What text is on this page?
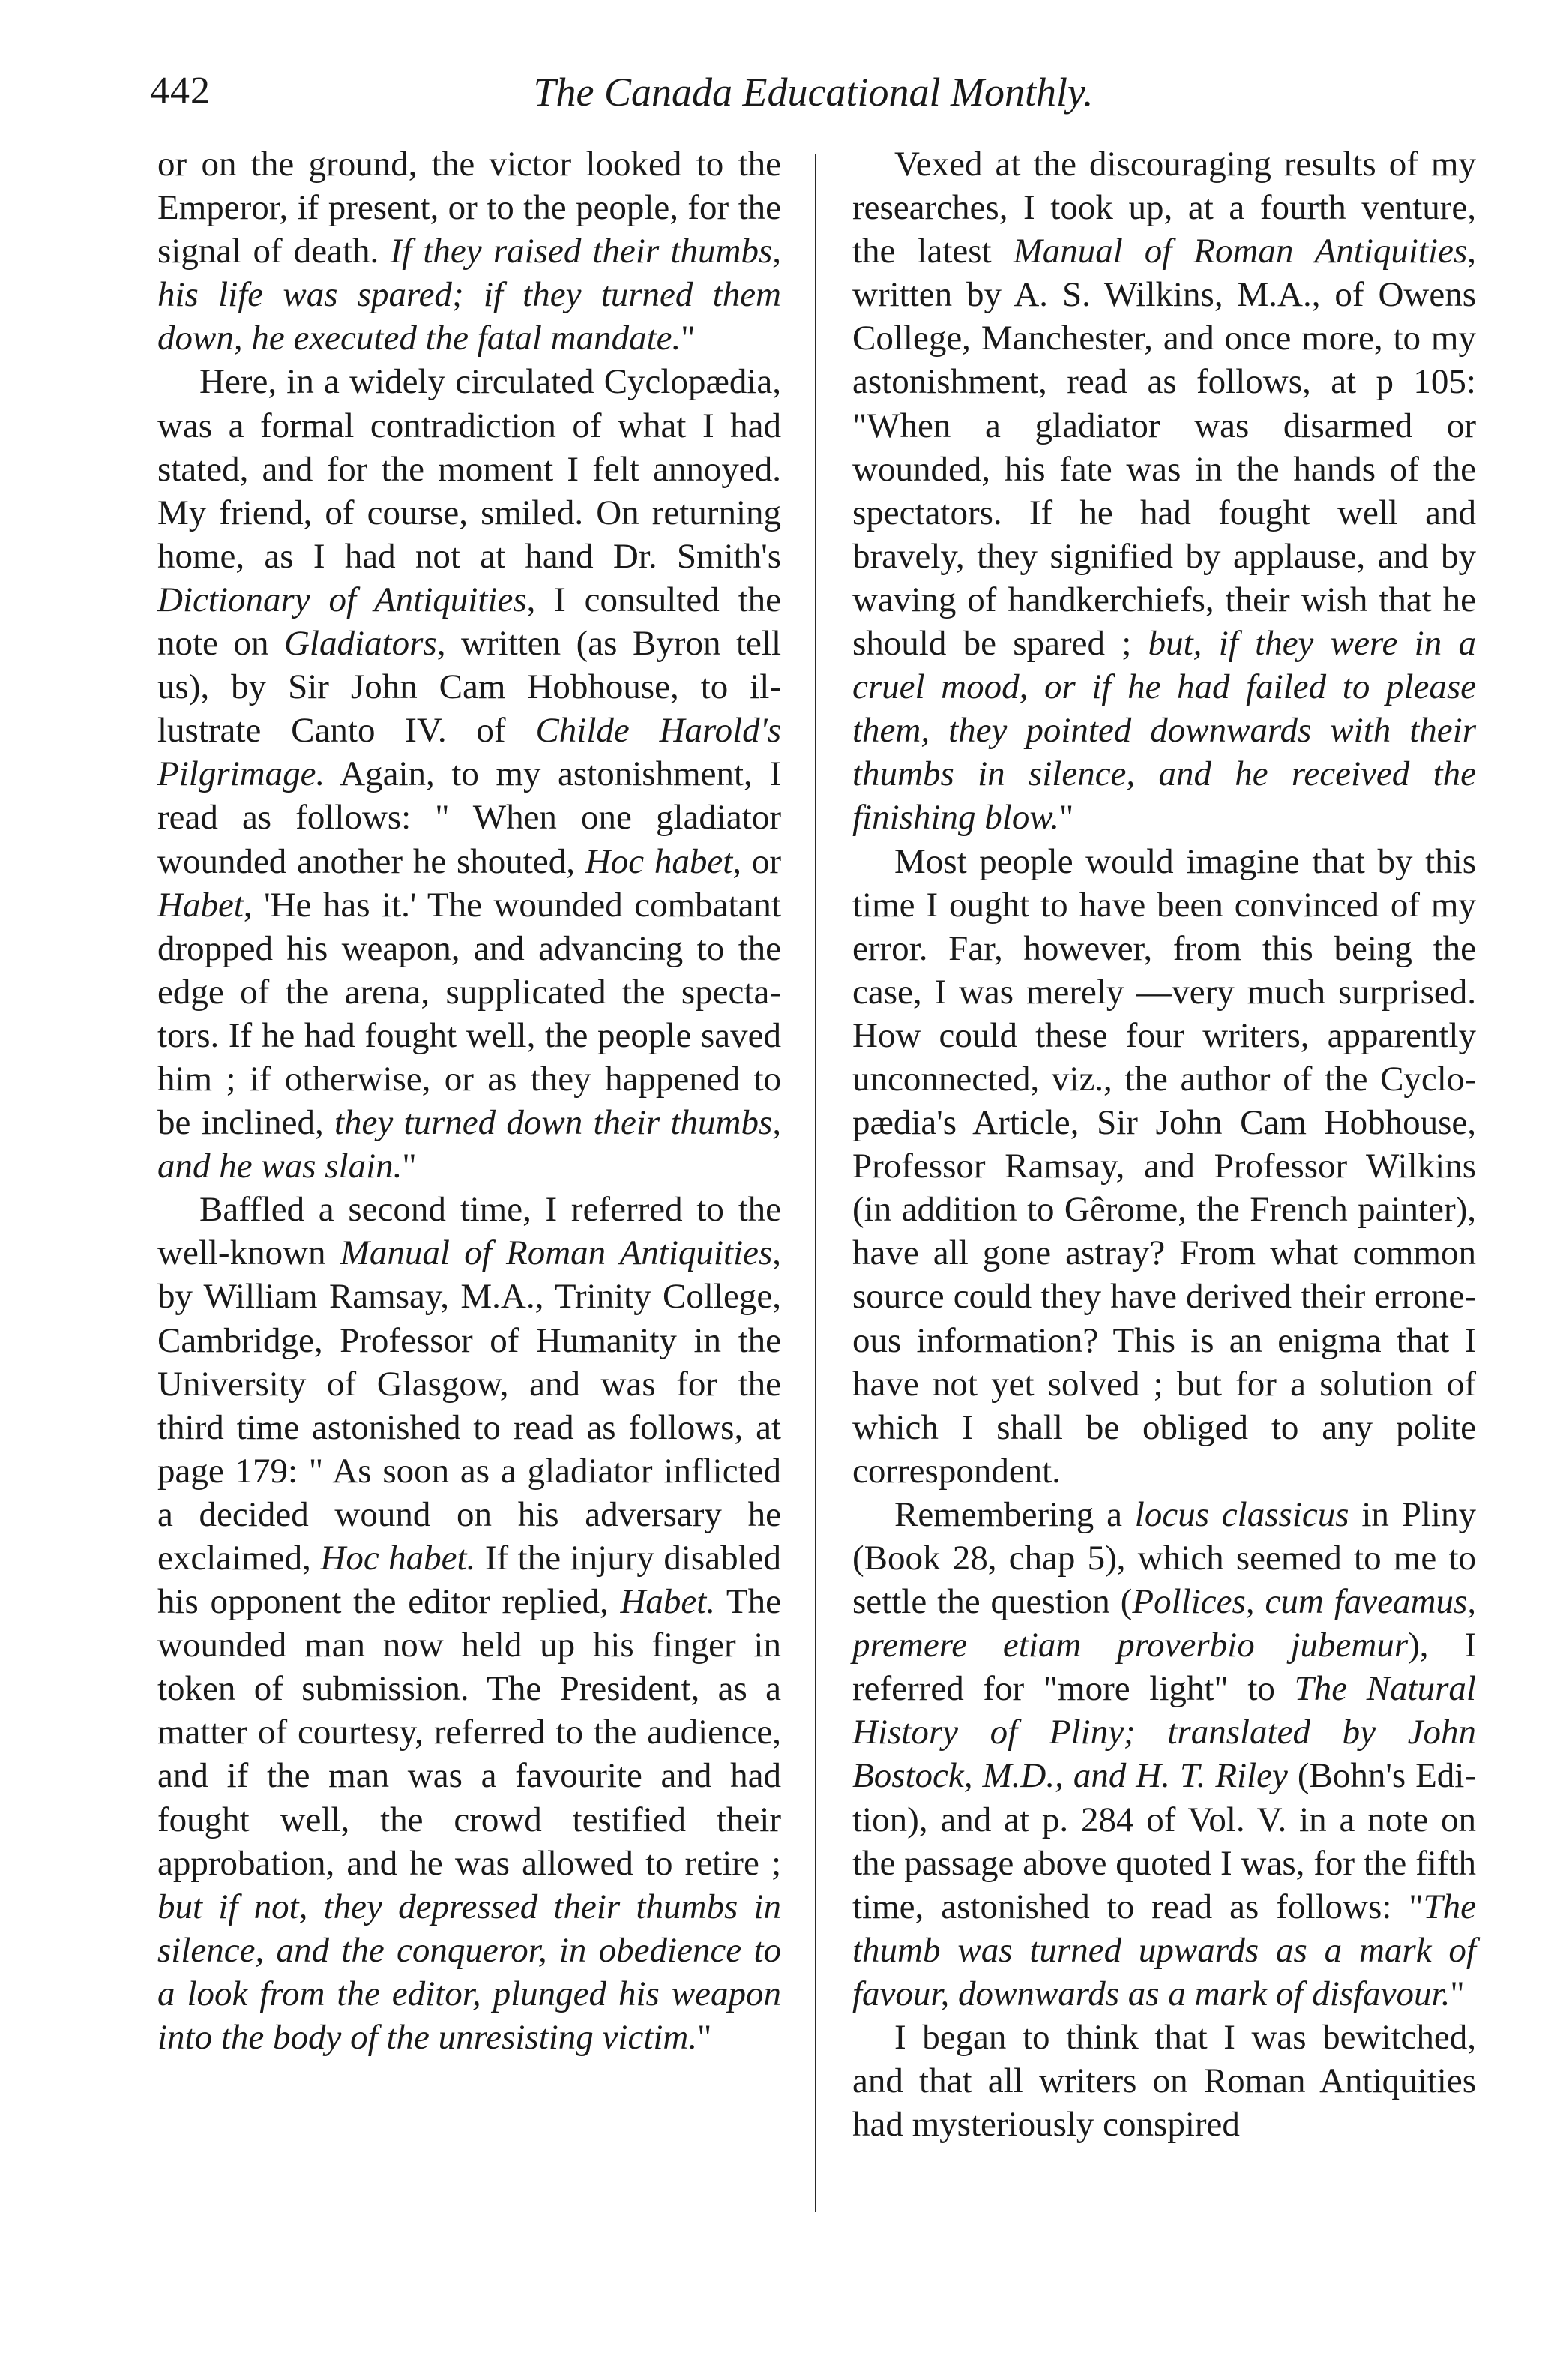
442	The Canada Educational Monthly.

or on the ground, the victor looked to the Emperor, if present, or to the people, for the signal of death. If they raised their thumbs, his life was spared; if they turned them down, he executed the fatal mandate."

Here, in a widely circulated Cyclopædia, was a formal contradiction of what I had stated, and for the moment I felt annoyed. My friend, of course, smiled. On returning home, as I had not at hand Dr. Smith's Dictionary of Antiquities, I consulted the note on Gladiators, written (as Byron tell us), by Sir John Cam Hobhouse, to illustrate Canto IV. of Childe Harold's Pilgrimage. Again, to my astonishment, I read as follows: " When one gladiator wounded another he shouted, Hoc habet, or Habet, 'He has it.' The wounded combatant dropped his weapon, and advancing to the edge of the arena, supplicated the spectators. If he had fought well, the people saved him ; if otherwise, or as they happened to be inclined, they turned down their thumbs, and he was slain."

Baffled a second time, I referred to the well-known Manual of Roman Antiquities, by William Ramsay, M.A., Trinity College, Cambridge, Professor of Humanity in the University of Glasgow, and was for the third time astonished to read as follows, at page 179: " As soon as a gladiator inflicted a decided wound on his adversary he exclaimed, Hoc habet. If the injury disabled his opponent the editor replied, Habet. The wounded man now held up his finger in token of submission. The President, as a matter of courtesy, referred to the audience, and if the man was a favourite and had fought well, the crowd testified their approbation, and he was allowed to retire ; but if not, they depressed their thumbs in silence, and the conqueror, in obedience to a look from the editor, plunged his weapon into the body of the unresisting victim."

Vexed at the discouraging results of my researches, I took up, at a fourth venture, the latest Manual of Roman Antiquities, written by A. S. Wilkins, M.A., of Owens College, Manchester, and once more, to my astonishment, read as follows, at p 105: "When a gladiator was disarmed or wounded, his fate was in the hands of the spectators. If he had fought well and bravely, they signified by applause, and by waving of handkerchiefs, their wish that he should be spared ; but, if they were in a cruel mood, or if he had failed to please them, they pointed downwards with their thumbs in silence, and he received the finishing blow."

Most people would imagine that by this time I ought to have been convinced of my error. Far, however, from this being the case, I was merely —very much surprised. How could these four writers, apparently unconnected, viz., the author of the Cyclopædia's Article, Sir John Cam Hobhouse, Professor Ramsay, and Professor Wilkins (in addition to Gêrome, the French painter), have all gone astray? From what common source could they have derived their erroneous information? This is an enigma that I have not yet solved ; but for a solution of which I shall be obliged to any polite correspondent.

Remembering a locus classicus in Pliny (Book 28, chap 5), which seemed to me to settle the question (Pollices, cum faveamus, premere etiam proverbio jubemur), I referred for "more light" to The Natural History of Pliny; translated by John Bostock, M.D., and H. T. Riley (Bohn's Edition), and at p. 284 of Vol. V. in a note on the passage above quoted I was, for the fifth time, astonished to read as follows: "The thumb was turned upwards as a mark of favour, downwards as a mark of disfavour."

I began to think that I was bewitched, and that all writers on Roman Antiquities had mysteriously conspired
